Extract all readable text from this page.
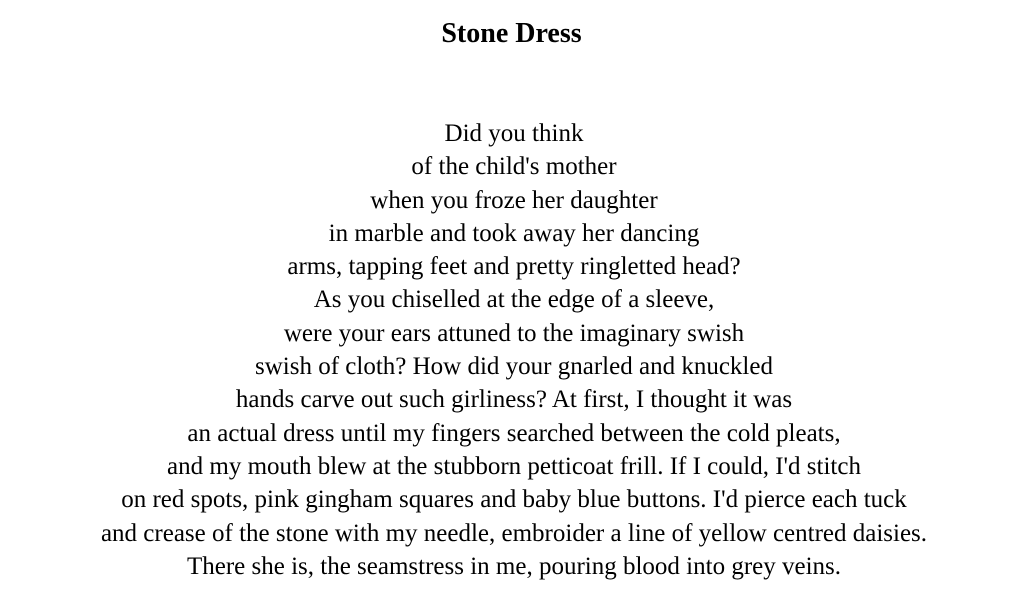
Stone Dress
Did you think
of the child's mother
when you froze her daughter
in marble and took away her dancing
arms, tapping feet and pretty ringletted head?
As you chiselled at the edge of a sleeve,
were your ears attuned to the imaginary swish
swish of cloth? How did your gnarled and knuckled
hands carve out such girliness? At first, I thought it was
an actual dress until my fingers searched between the cold pleats,
and my mouth blew at the stubborn petticoat frill. If I could, I'd stitch
on red spots, pink gingham squares and baby blue buttons. I'd pierce each tuck
and crease of the stone with my needle, embroider a line of yellow centred daisies.
There she is, the seamstress in me, pouring blood into grey veins.
